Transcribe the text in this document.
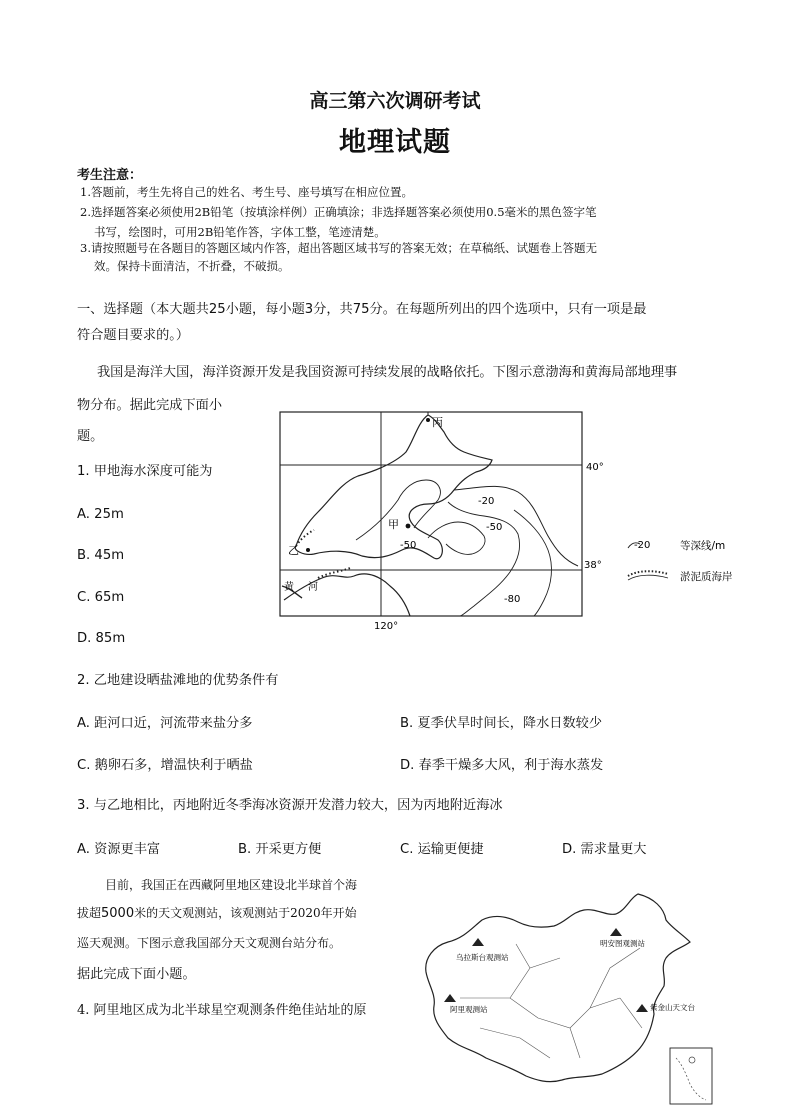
高三第六次调研考试
地理试题
考生注意：
1.答题前，考生先将自己的姓名、考生号、座号填写在相应位置。
2.选择题答案必须使用2B铅笔（按填涂样例）正确填涂；非选择题答案必须使用0.5毫米的黑色签字笔
书写，绘图时，可用2B铅笔作答，字体工整，笔迹清楚。
3.请按照题号在各题目的答题区域内作答，超出答题区域书写的答案无效；在草稿纸、试题卷上答题无
效。保持卡面清洁，不折叠，不破损。
一、选择题（本大题共25小题，每小题3分，共75分。在每题所列出的四个选项中，只有一项是最
符合题目要求的。）
我国是海洋大国，海洋资源开发是我国资源可持续发展的战略依托。下图示意渤海和黄海局部地理事
物分布。据此完成下面小
题。
1. 甲地海水深度可能为
A. 25m
B. 45m
C. 65m
D. 85m
丙
甲
乙
黄 河
-20
-50
-50
-80
40°
38°
120°
-20	等深线/m
淤泥质海岸
2. 乙地建设晒盐滩地的优势条件有
A. 距河口近，河流带来盐分多	B. 夏季伏旱时间长，降水日数较少
C. 鹅卵石多，增温快利于晒盐	D. 春季干燥多大风，利于海水蒸发
3. 与乙地相比，丙地附近冬季海冰资源开发潜力较大，因为丙地附近海冰
A. 资源更丰富	B. 开采更方便	C. 运输更便捷	D. 需求量更大
目前，我国正在西藏阿里地区建设北半球首个海
拔超5000米的天文观测站，该观测站于2020年开始
巡天观测。下图示意我国部分天文观测台站分布。
据此完成下面小题。
4. 阿里地区成为北半球星空观测条件绝佳站址的原
乌拉斯台观测站
明安图观测站
阿里观测站	紫金山天文台
